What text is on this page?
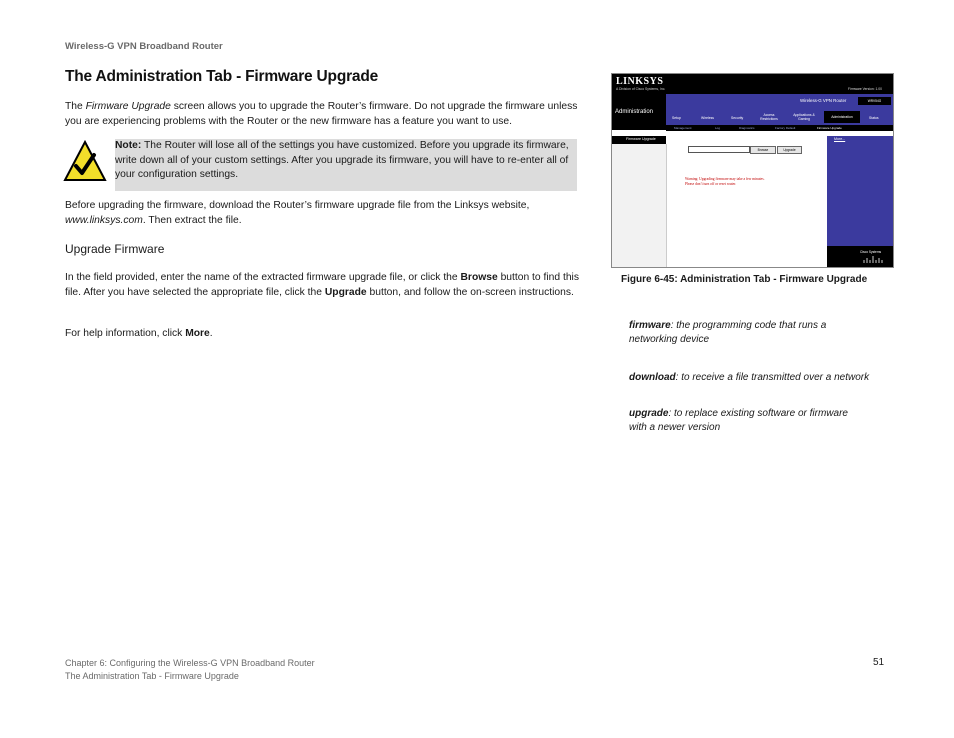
Wireless-G VPN Broadband Router
The Administration Tab - Firmware Upgrade
The Firmware Upgrade screen allows you to upgrade the Router’s firmware. Do not upgrade the firmware unless you are experiencing problems with the Router or the new firmware has a feature you want to use.
Note: The Router will lose all of the settings you have customized. Before you upgrade its firmware, write down all of your custom settings. After you upgrade its firmware, you will have to re-enter all of your configuration settings.
Before upgrading the firmware, download the Router’s firmware upgrade file from the Linksys website, www.linksys.com. Then extract the file.
Upgrade Firmware
In the field provided, enter the name of the extracted firmware upgrade file, or click the Browse button to find this file. After you have selected the appropriate file, click the Upgrade button, and follow the on-screen instructions.
For help information, click More.
LINKSYS
A Division of Cisco Systems, Inc.	Firmware Version: 1.00
Administration
Wireless-G VPN Router	WRV54G
Setup	Wireless	Security
Access Restrictions
Applications & Gaming	Administration	Status
Management	Log	Diagnostics	Factory Default	Firmware Upgrade
Firmware Upgrade
Browse	Upgrade
Warning: Upgrading firmware may take a few minutes.
Please don’t turn off or reset router.
More...
Cisco Systems
Figure 6-45: Administration Tab - Firmware Upgrade
firmware: the programming code that runs a networking device
download: to receive a file transmitted over a network
upgrade: to replace existing software or firmware with a newer version
Chapter 6: Configuring the Wireless-G VPN Broadband Router
The Administration Tab - Firmware Upgrade
51
